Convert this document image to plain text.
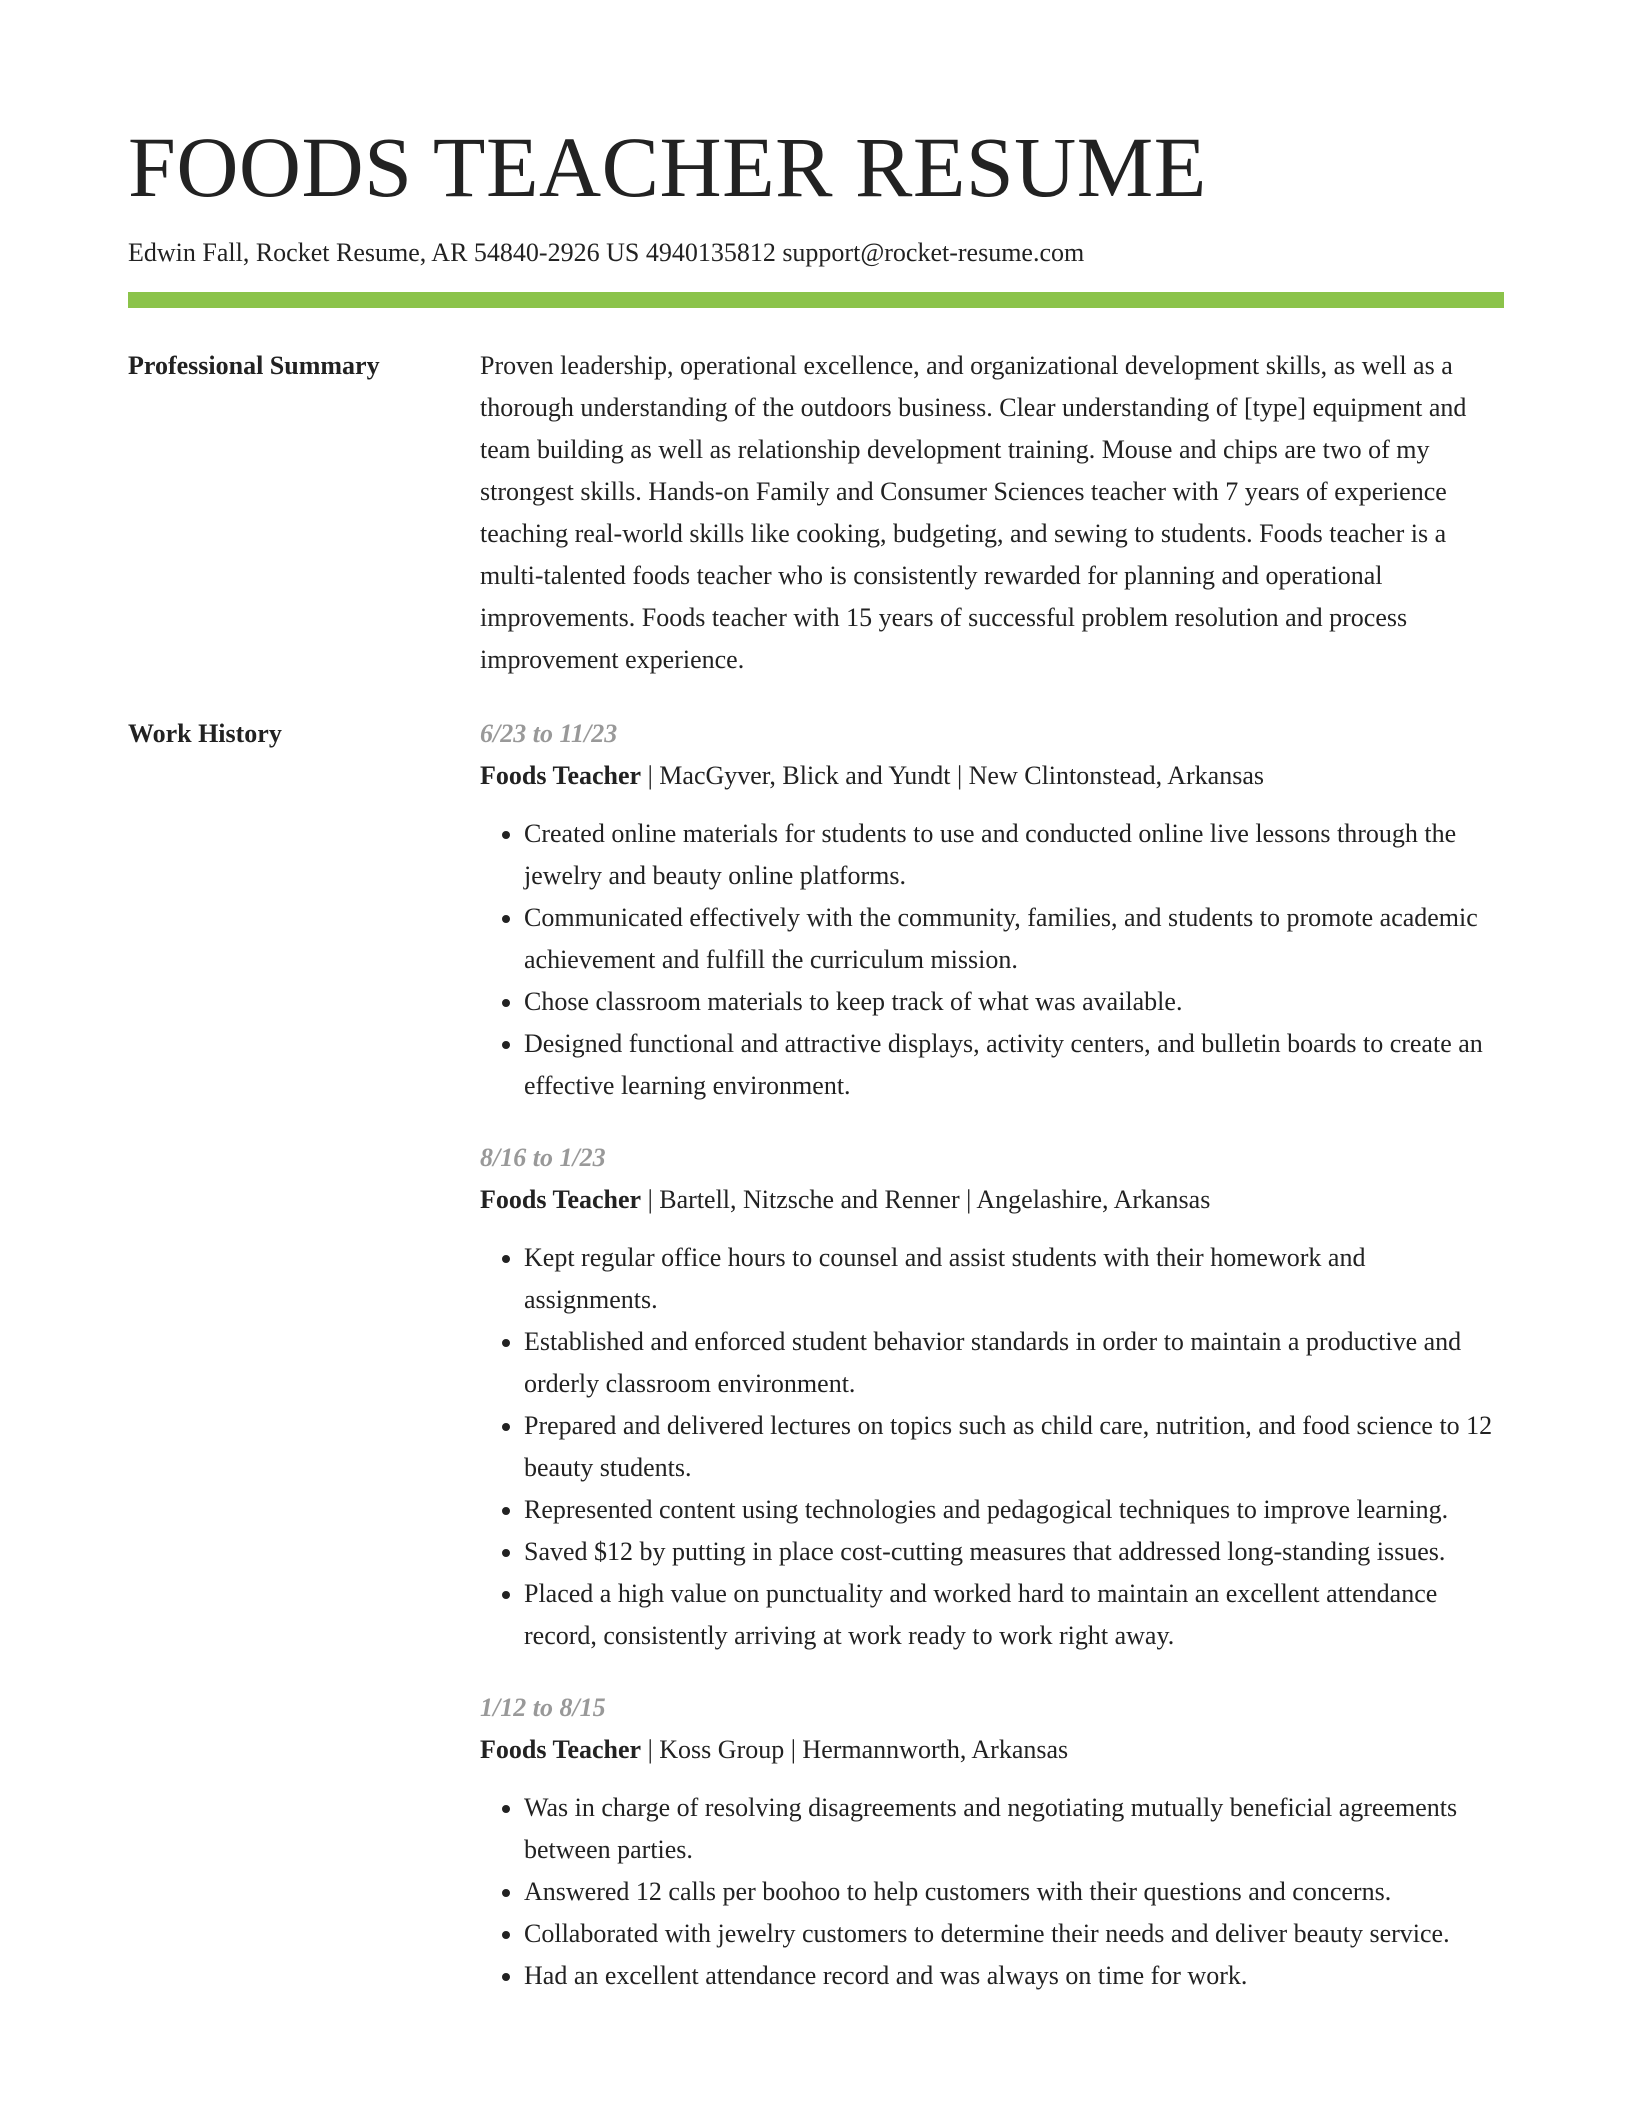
FOODS TEACHER RESUME
Edwin Fall, Rocket Resume, AR 54840-2926 US 4940135812 support@rocket-resume.com
Professional Summary	Proven leadership, operational excellence, and organizational development skills, as well as a thorough understanding of the outdoors business. Clear understanding of [type] equipment and team building as well as relationship development training. Mouse and chips are two of my strongest skills. Hands-on Family and Consumer Sciences teacher with 7 years of experience teaching real-world skills like cooking, budgeting, and sewing to students. Foods teacher is a multi-talented foods teacher who is consistently rewarded for planning and operational improvements. Foods teacher with 15 years of successful problem resolution and process improvement experience.

Work History	6/23 to 11/23
Foods Teacher | MacGyver, Blick and Yundt | New Clintonstead, Arkansas
• Created online materials for students to use and conducted online live lessons through the jewelry and beauty online platforms.
• Communicated effectively with the community, families, and students to promote academic achievement and fulfill the curriculum mission.
• Chose classroom materials to keep track of what was available.
• Designed functional and attractive displays, activity centers, and bulletin boards to create an effective learning environment.
8/16 to 1/23
Foods Teacher | Bartell, Nitzsche and Renner | Angelashire, Arkansas
• Kept regular office hours to counsel and assist students with their homework and assignments.
• Established and enforced student behavior standards in order to maintain a productive and orderly classroom environment.
• Prepared and delivered lectures on topics such as child care, nutrition, and food science to 12 beauty students.
• Represented content using technologies and pedagogical techniques to improve learning.
• Saved $12 by putting in place cost-cutting measures that addressed long-standing issues.
• Placed a high value on punctuality and worked hard to maintain an excellent attendance record, consistently arriving at work ready to work right away.
1/12 to 8/15
Foods Teacher | Koss Group | Hermannworth, Arkansas
• Was in charge of resolving disagreements and negotiating mutually beneficial agreements between parties.
• Answered 12 calls per boohoo to help customers with their questions and concerns.
• Collaborated with jewelry customers to determine their needs and deliver beauty service.
• Had an excellent attendance record and was always on time for work.
